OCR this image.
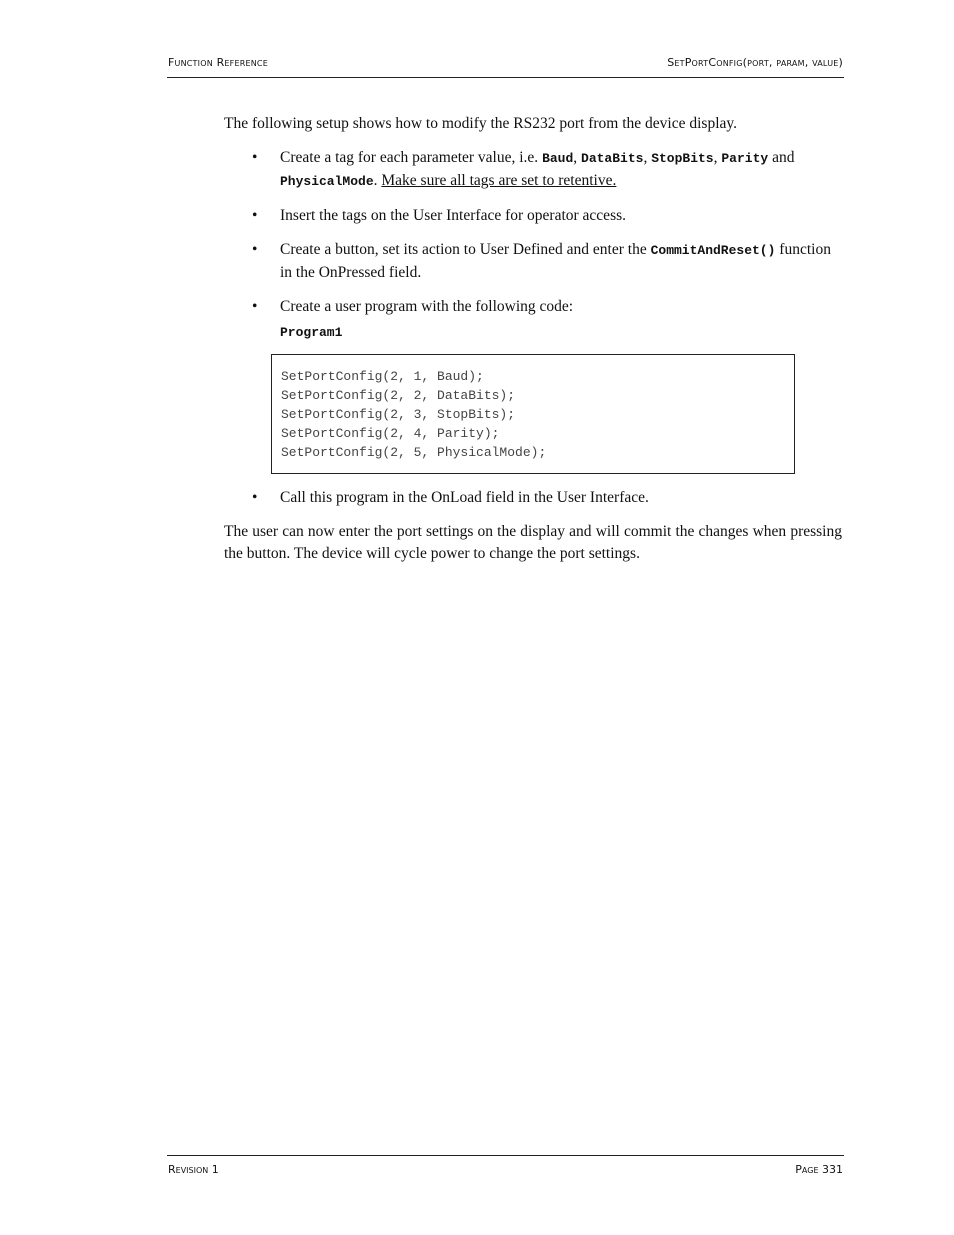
Function Reference	SetPortConfig(port, param, value)

The following setup shows how to modify the RS232 port from the device display.

• Create a tag for each parameter value, i.e. Baud, DataBits, StopBits, Parity and PhysicalMode. Make sure all tags are set to retentive.
• Insert the tags on the User Interface for operator access.
• Create a button, set its action to User Defined and enter the CommitAndReset() function in the OnPressed field.
• Create a user program with the following code:
Program1
SetPortConfig(2, 1, Baud);
SetPortConfig(2, 2, DataBits);
SetPortConfig(2, 3, StopBits);
SetPortConfig(2, 4, Parity);
SetPortConfig(2, 5, PhysicalMode);
• Call this program in the OnLoad field in the User Interface.

The user can now enter the port settings on the display and will commit the changes when pressing the button. The device will cycle power to change the port settings.

Revision 1	Page 331
